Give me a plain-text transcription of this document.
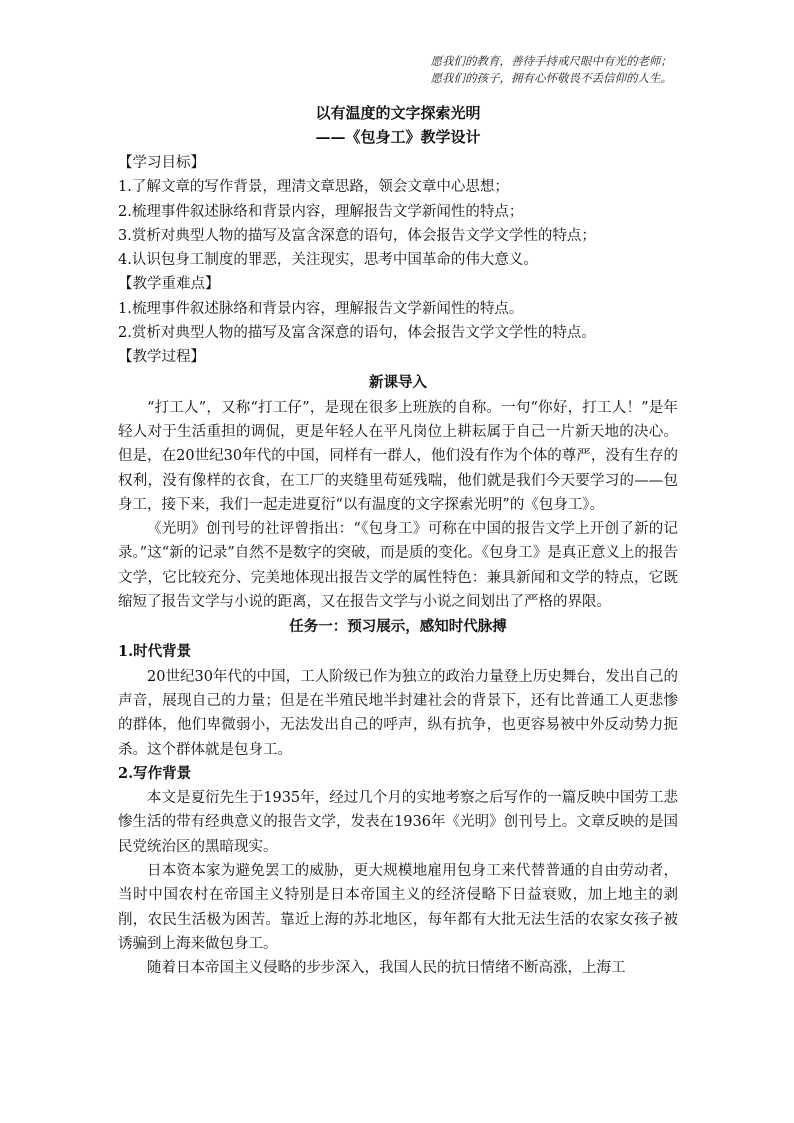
愿我们的教育，善待手持戒尺眼中有光的老师；
愿我们的孩子，拥有心怀敬畏不丢信仰的人生。

以有温度的文字探索光明

——《包身工》教学设计

【学习目标】

1.了解文章的写作背景，理清文章思路，领会文章中心思想；

2.梳理事件叙述脉络和背景内容，理解报告文学新闻性的特点；

3.赏析对典型人物的描写及富含深意的语句，体会报告文学文学性的特点；

4.认识包身工制度的罪恶，关注现实，思考中国革命的伟大意义。

【教学重难点】

1.梳理事件叙述脉络和背景内容，理解报告文学新闻性的特点。

2.赏析对典型人物的描写及富含深意的语句，体会报告文学文学性的特点。

【教学过程】

新课导入

“打工人”，又称“打工仔”，是现在很多上班族的自称。一句“你好，打工人！”是年轻人对于生活重担的调侃，更是年轻人在平凡岗位上耕耘属于自己一片新天地的决心。但是，在20世纪30年代的中国，同样有一群人，他们没有作为个体的尊严，没有生存的权利，没有像样的衣食，在工厂的夹缝里苟延残喘，他们就是我们今天要学习的——包身工，接下来，我们一起走进夏衍“以有温度的文字探索光明”的《包身工》。

《光明》创刊号的社评曾指出：“《包身工》可称在中国的报告文学上开创了新的记录。”这“新的记录”自然不是数字的突破，而是质的变化。《包身工》是真正意义上的报告文学，它比较充分、完美地体现出报告文学的属性特色：兼具新闻和文学的特点，它既缩短了报告文学与小说的距离，又在报告文学与小说之间划出了严格的界限。

任务一：预习展示，感知时代脉搏

1.时代背景

20世纪30年代的中国，工人阶级已作为独立的政治力量登上历史舞台，发出自己的声音，展现自己的力量；但是在半殖民地半封建社会的背景下，还有比普通工人更悲惨的群体，他们卑微弱小，无法发出自己的呼声，纵有抗争，也更容易被中外反动势力扼杀。这个群体就是包身工。

2.写作背景

本文是夏衍先生于1935年，经过几个月的实地考察之后写作的一篇反映中国劳工悲惨生活的带有经典意义的报告文学，发表在1936年《光明》创刊号上。文章反映的是国民党统治区的黑暗现实。

日本资本家为避免罢工的威胁，更大规模地雇用包身工来代替普通的自由劳动者，当时中国农村在帝国主义特别是日本帝国主义的经济侵略下日益衰败，加上地主的剥削，农民生活极为困苦。靠近上海的苏北地区，每年都有大批无法生活的农家女孩子被诱骗到上海来做包身工。

随着日本帝国主义侵略的步步深入，我国人民的抗日情绪不断高涨，上海工
